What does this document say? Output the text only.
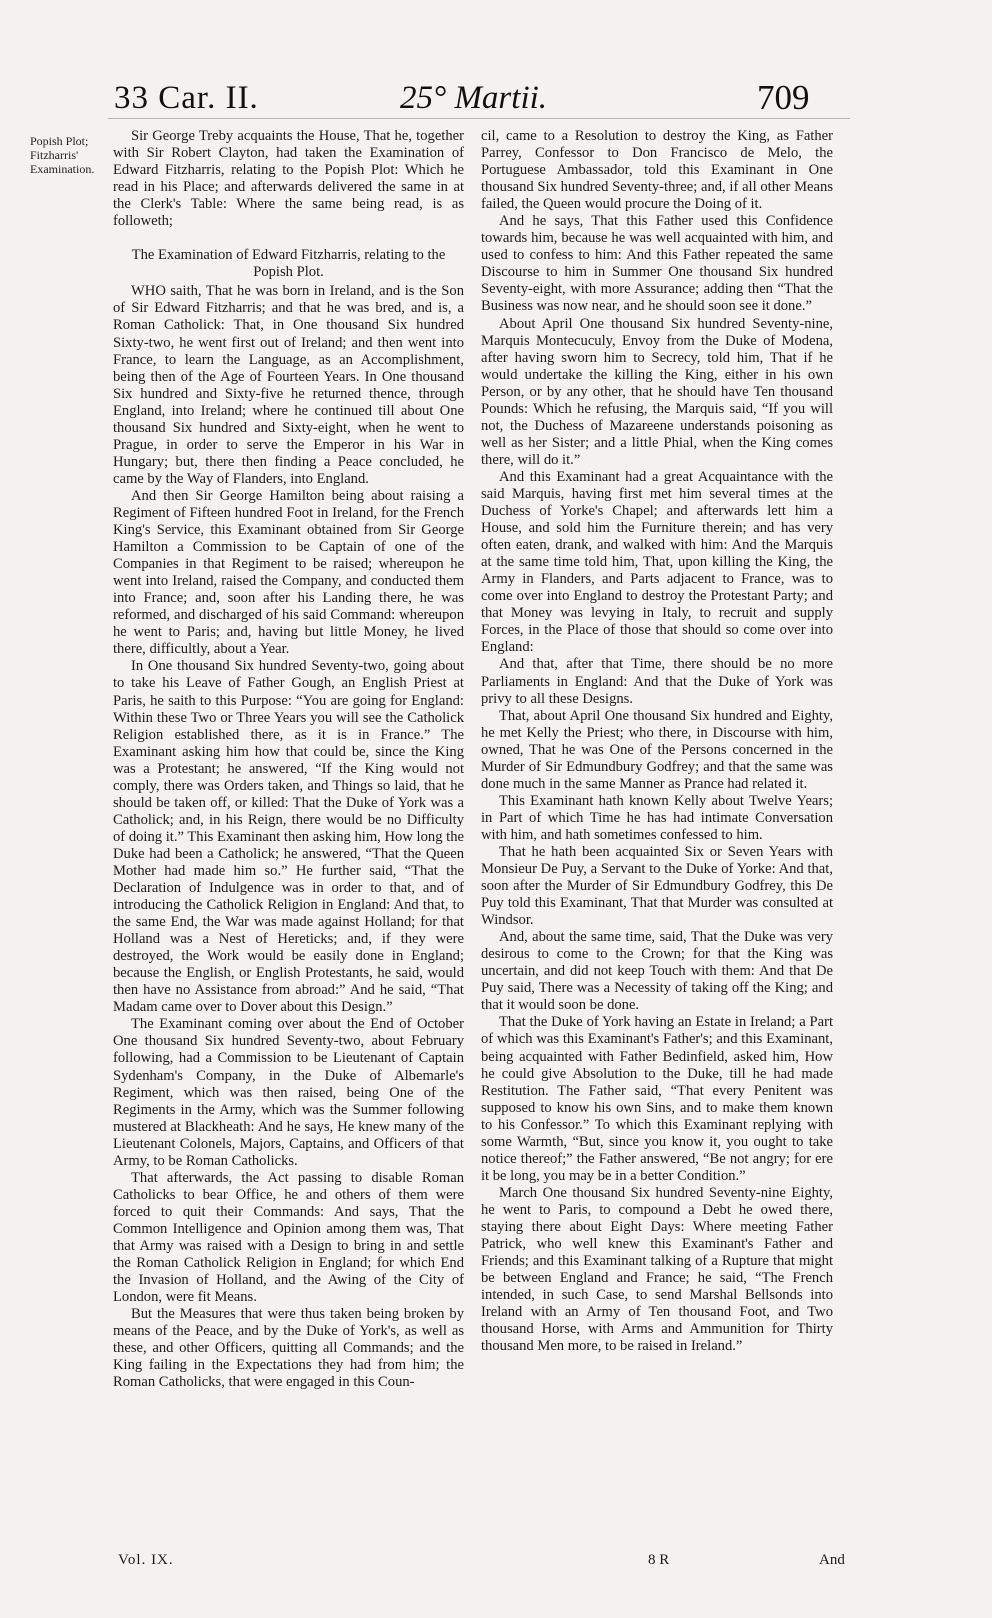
33 Car. II.	25° Martii.	709
Popish Plot;
Fitzharris'
Examination.

Sir George Treby acquaints the House, That he, together with Sir Robert Clayton, had taken the Examination of Edward Fitzharris, relating to the Popish Plot: Which he read in his Place; and afterwards delivered the same in at the Clerk's Table: Where the same being read, is as followeth;

The Examination of Edward Fitzharris, relating to the Popish Plot.

WHO saith, That he was born in Ireland, and is the Son of Sir Edward Fitzharris; and that he was bred, and is, a Roman Catholick: That, in One thousand Six hundred Sixty-two, he went first out of Ireland; and then went into France, to learn the Language, as an Accomplishment, being then of the Age of Fourteen Years. In One thousand Six hundred and Sixty-five he returned thence, through England, into Ireland; where he continued till about One thousand Six hundred and Sixty-eight, when he went to Prague, in order to serve the Emperor in his War in Hungary; but, there then finding a Peace concluded, he came by the Way of Flanders, into England.

And then Sir George Hamilton being about raising a Regiment of Fifteen hundred Foot in Ireland, for the French King's Service, this Examinant obtained from Sir George Hamilton a Commission to be Captain of one of the Companies in that Regiment to be raised; whereupon he went into Ireland, raised the Company, and conducted them into France; and, soon after his Landing there, he was reformed, and discharged of his said Command: whereupon he went to Paris; and, having but little Money, he lived there, difficultly, about a Year.

In One thousand Six hundred Seventy-two, going about to take his Leave of Father Gough, an English Priest at Paris, he saith to this Purpose: “You are going for England: Within these Two or Three Years you will see the Catholick Religion established there, as it is in France.” The Examinant asking him how that could be, since the King was a Protestant; he answered, “If the King would not comply, there was Orders taken, and Things so laid, that he should be taken off, or killed: That the Duke of York was a Catholick; and, in his Reign, there would be no Difficulty of doing it.” This Examinant then asking him, How long the Duke had been a Catholick; he answered, “That the Queen Mother had made him so.” He further said, “That the Declaration of Indulgence was in order to that, and of introducing the Catholick Religion in England: And that, to the same End, the War was made against Holland; for that Holland was a Nest of Hereticks; and, if they were destroyed, the Work would be easily done in England; because the English, or English Protestants, he said, would then have no Assistance from abroad:” And he said, “That Madam came over to Dover about this Design.”

The Examinant coming over about the End of October One thousand Six hundred Seventy-two, about February following, had a Commission to be Lieutenant of Captain Sydenham's Company, in the Duke of Albemarle's Regiment, which was then raised, being One of the Regiments in the Army, which was the Summer following mustered at Blackheath: And he says, He knew many of the Lieutenant Colonels, Majors, Captains, and Officers of that Army, to be Roman Catholicks.

That afterwards, the Act passing to disable Roman Catholicks to bear Office, he and others of them were forced to quit their Commands: And says, That the Common Intelligence and Opinion among them was, That that Army was raised with a Design to bring in and settle the Roman Catholick Religion in England; for which End the Invasion of Holland, and the Awing of the City of London, were fit Means.

But the Measures that were thus taken being broken by means of the Peace, and by the Duke of York's, as well as these, and other Officers, quitting all Commands; and the King failing in the Expectations they had from him; the Roman Catholicks, that were engaged in this Coun-

cil, came to a Resolution to destroy the King, as Father Parrey, Confessor to Don Francisco de Melo, the Portuguese Ambassador, told this Examinant in One thousand Six hundred Seventy-three; and, if all other Means failed, the Queen would procure the Doing of it.

And he says, That this Father used this Confidence towards him, because he was well acquainted with him, and used to confess to him: And this Father repeated the same Discourse to him in Summer One thousand Six hundred Seventy-eight, with more Assurance; adding then “That the Business was now near, and he should soon see it done.”

About April One thousand Six hundred Seventy-nine, Marquis Montecuculy, Envoy from the Duke of Modena, after having sworn him to Secrecy, told him, That if he would undertake the killing the King, either in his own Person, or by any other, that he should have Ten thousand Pounds: Which he refusing, the Marquis said, “If you will not, the Duchess of Mazareene understands poisoning as well as her Sister; and a little Phial, when the King comes there, will do it.”

And this Examinant had a great Acquaintance with the said Marquis, having first met him several times at the Duchess of Yorke's Chapel; and afterwards lett him a House, and sold him the Furniture therein; and has very often eaten, drank, and walked with him: And the Marquis at the same time told him, That, upon killing the King, the Army in Flanders, and Parts adjacent to France, was to come over into England to destroy the Protestant Party; and that Money was levying in Italy, to recruit and supply Forces, in the Place of those that should so come over into England:

And that, after that Time, there should be no more Parliaments in England: And that the Duke of York was privy to all these Designs.

That, about April One thousand Six hundred and Eighty, he met Kelly the Priest; who there, in Discourse with him, owned, That he was One of the Persons concerned in the Murder of Sir Edmundbury Godfrey; and that the same was done much in the same Manner as Prance had related it.

This Examinant hath known Kelly about Twelve Years; in Part of which Time he has had intimate Conversation with him, and hath sometimes confessed to him.

That he hath been acquainted Six or Seven Years with Monsieur De Puy, a Servant to the Duke of Yorke: And that, soon after the Murder of Sir Edmundbury Godfrey, this De Puy told this Examinant, That that Murder was consulted at Windsor.

And, about the same time, said, That the Duke was very desirous to come to the Crown; for that the King was uncertain, and did not keep Touch with them: And that De Puy said, There was a Necessity of taking off the King; and that it would soon be done.

That the Duke of York having an Estate in Ireland; a Part of which was this Examinant's Father's; and this Examinant, being acquainted with Father Bedinfield, asked him, How he could give Absolution to the Duke, till he had made Restitution. The Father said, “That every Penitent was supposed to know his own Sins, and to make them known to his Confessor.” To which this Examinant replying with some Warmth, “But, since you know it, you ought to take notice thereof;” the Father answered, “Be not angry; for ere it be long, you may be in a better Condition.”

March One thousand Six hundred Seventy-nine Eighty, he went to Paris, to compound a Debt he owed there, staying there about Eight Days: Where meeting Father Patrick, who well knew this Examinant's Father and Friends; and this Examinant talking of a Rupture that might be between England and France; he said, “The French intended, in such Case, to send Marshal Bellsonds into Ireland with an Army of Ten thousand Foot, and Two thousand Horse, with Arms and Ammunition for Thirty thousand Men more, to be raised in Ireland.”

Vol. IX.	8 R	And
